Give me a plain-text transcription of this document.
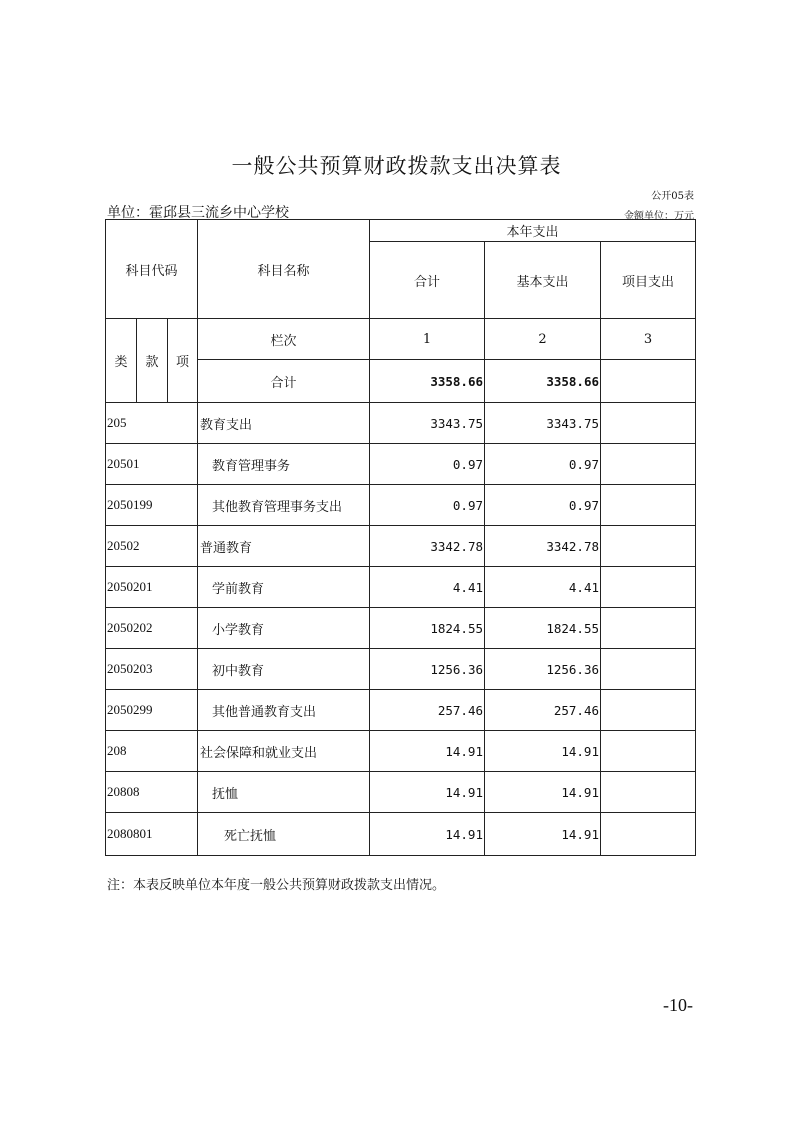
一般公共预算财政拨款支出决算表
公开05表
单位：霍邱县三流乡中心学校	金额单位：万元
科目代码			科目名称	本年支出		
				合计	基本支出	项目支出
类	款	项	栏次	1	2	3
			合计	3358.66	3358.66	
205			教育支出	3343.75	3343.75	
20501			教育管理事务	0.97	0.97	
2050199			其他教育管理事务支出	0.97	0.97	
20502			普通教育	3342.78	3342.78	
2050201			学前教育	4.41	4.41	
2050202			小学教育	1824.55	1824.55	
2050203			初中教育	1256.36	1256.36	
2050299			其他普通教育支出	257.46	257.46	
208			社会保障和就业支出	14.91	14.91	
20808			抚恤	14.91	14.91	
2080801			死亡抚恤	14.91	14.91	
注：本表反映单位本年度一般公共预算财政拨款支出情况。
-10-
